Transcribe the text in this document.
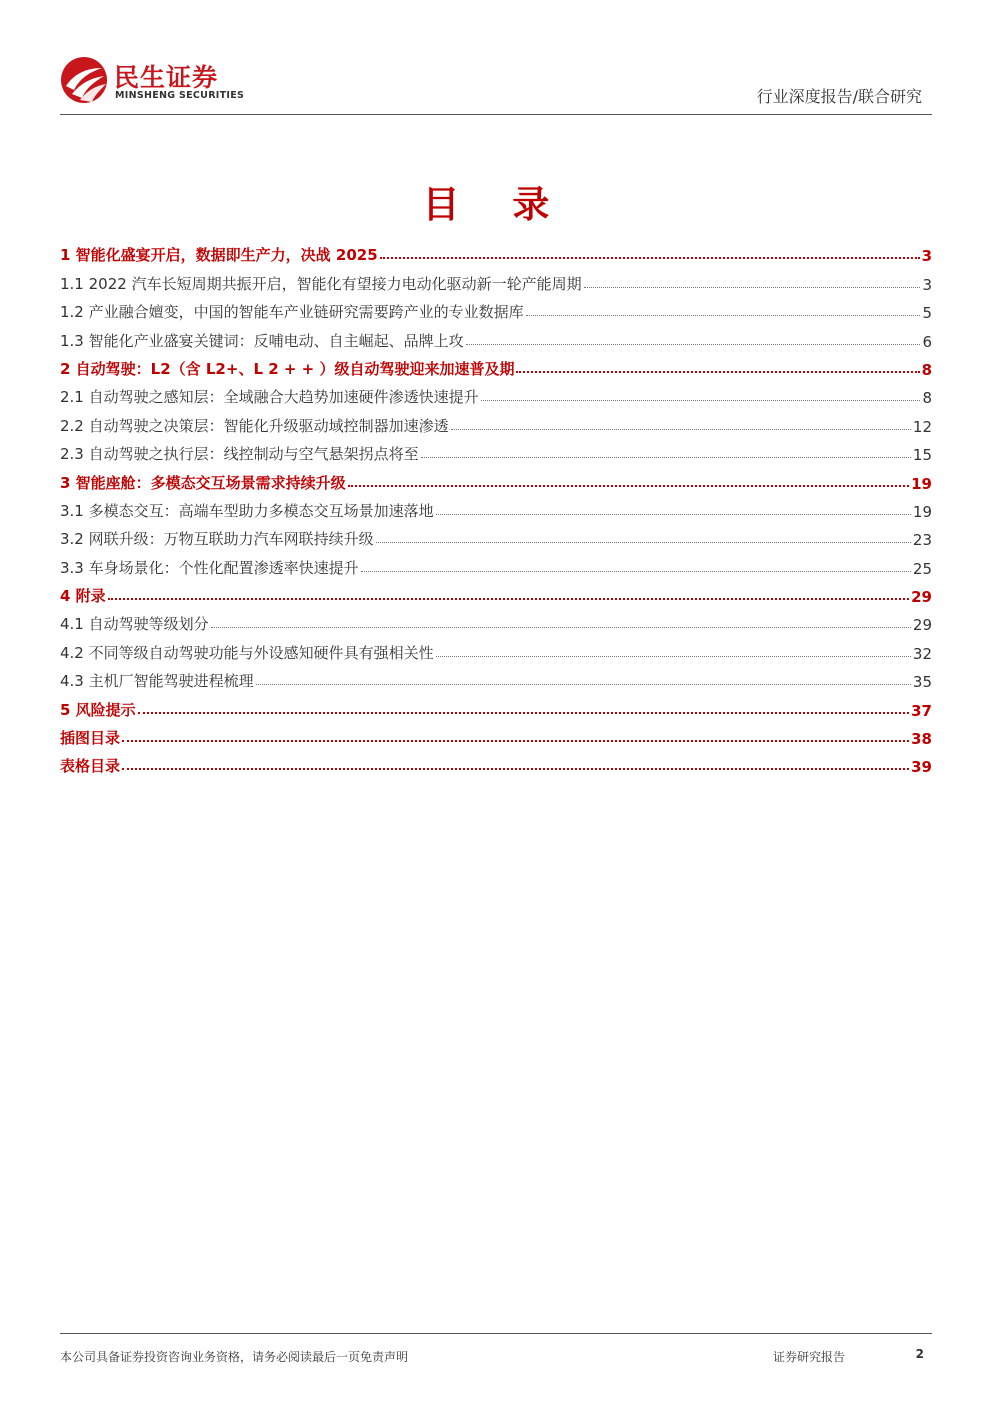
民生证券
MINSHENG SECURITIES	行业深度报告/联合研究
目 录
1 智能化盛宴开启，数据即生产力，决战 2025	3
1.1 2022 汽车长短周期共振开启，智能化有望接力电动化驱动新一轮产能周期	3
1.2 产业融合嬗变，中国的智能车产业链研究需要跨产业的专业数据库	5
1.3 智能化产业盛宴关键词：反哺电动、自主崛起、品牌上攻	6
2 自动驾驶：L2（含 L2+、L 2 + + ）级自动驾驶迎来加速普及期	8
2.1 自动驾驶之感知层：全域融合大趋势加速硬件渗透快速提升	8
2.2 自动驾驶之决策层：智能化升级驱动域控制器加速渗透	12
2.3 自动驾驶之执行层：线控制动与空气悬架拐点将至	15
3 智能座舱：多模态交互场景需求持续升级	19
3.1 多模态交互：高端车型助力多模态交互场景加速落地	19
3.2 网联升级：万物互联助力汽车网联持续升级	23
3.3 车身场景化：个性化配置渗透率快速提升	25
4 附录	29
4.1 自动驾驶等级划分	29
4.2 不同等级自动驾驶功能与外设感知硬件具有强相关性	32
4.3 主机厂智能驾驶进程梳理	35
5 风险提示	37
插图目录	38
表格目录	39
本公司具备证券投资咨询业务资格，请务必阅读最后一页免责声明	证券研究报告	2
